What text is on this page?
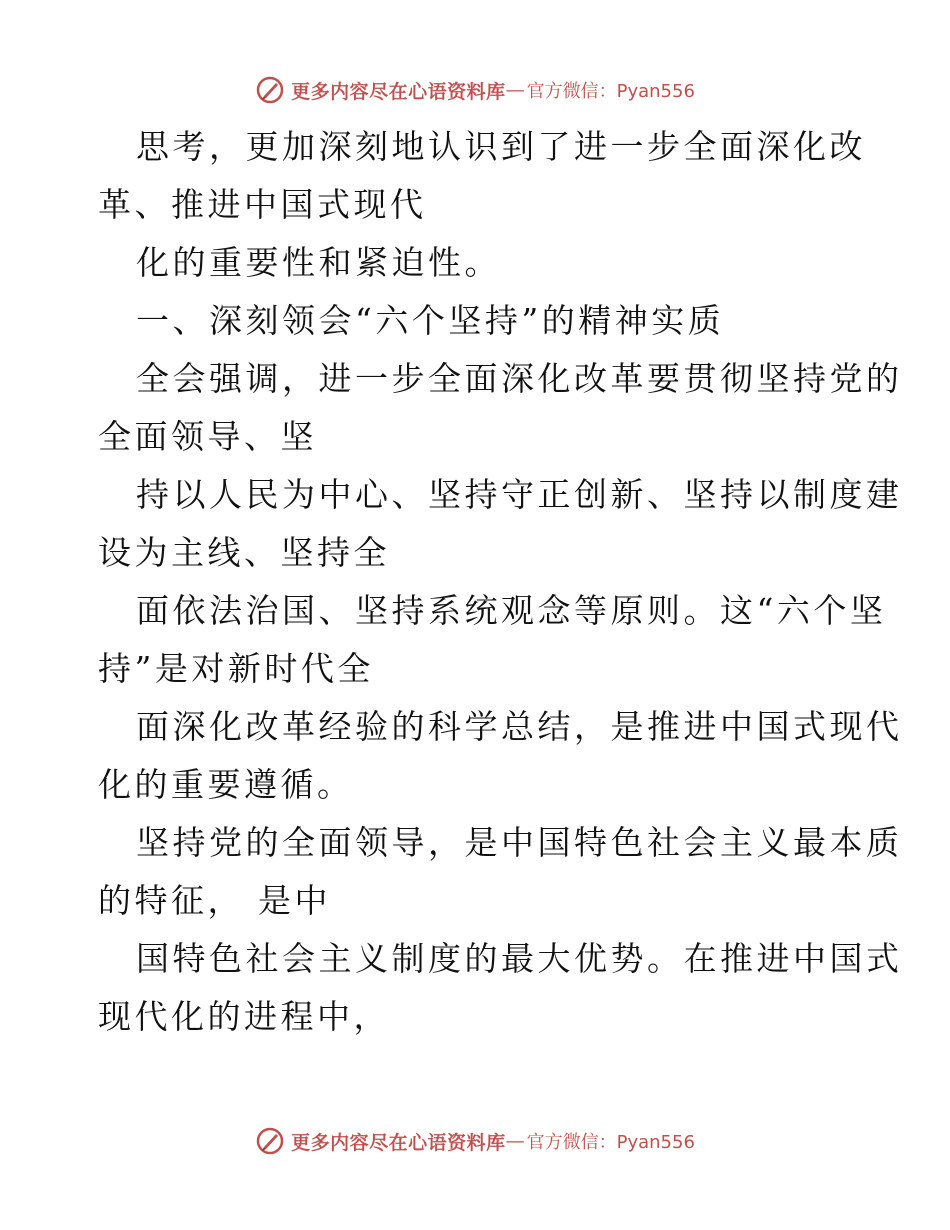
更多内容尽在心语资料库 — 官方微信：Pyan556
思考，更加深刻地认识到了进一步全面深化改
革、推进中国式现代
化的重要性和紧迫性。
一、深刻领会“六个坚持”的精神实质
全会强调，进一步全面深化改革要贯彻坚持党的
全面领导、坚
持以人民为中心、坚持守正创新、坚持以制度建
设为主线、坚持全
面依法治国、坚持系统观念等原则。这“六个坚
持”是对新时代全
面深化改革经验的科学总结，是推进中国式现代
化的重要遵循。
坚持党的全面领导，是中国特色社会主义最本质
的特征， 是中
国特色社会主义制度的最大优势。在推进中国式
现代化的进程中，
更多内容尽在心语资料库 — 官方微信：Pyan556
